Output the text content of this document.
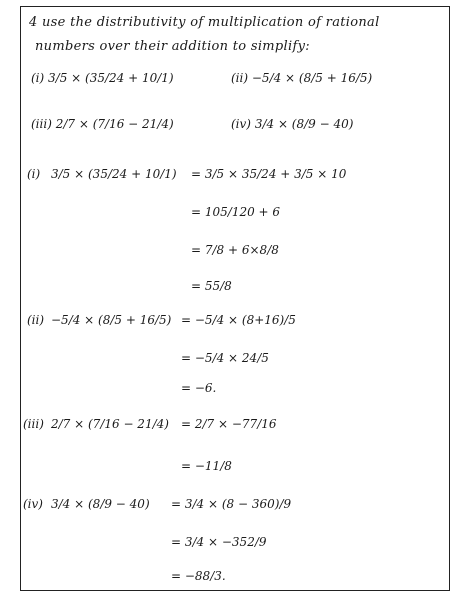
4 use the distributivity of multiplication of rational
numbers over their addition to simplify:
(i) 3/5 × (35/24 + 10/1)	(ii) −5/4 × (8/5 + 16/5)
(iii) 2/7 × (7/16 − 21/4)	(iv) 3/4 × (8/9 − 40)
(i) 3/5 × (35/24 + 10/1) = 3/5 × 35/24 + 3/5 × 10
= 105/120 + 6
= 7/8 + 6×8/8
= 55/8
(ii) −5/4 × (8/5 + 16/5) = −5/4 × (8+16)/5
= −5/4 × 24/5
= −6.
(iii) 2/7 × (7/16 − 21/4) = 2/7 × −77/16
= −11/8
(iv) 3/4 × (8/9 − 40) = 3/4 × (8 − 360)/9
= 3/4 × −352/9
= −88/3.
